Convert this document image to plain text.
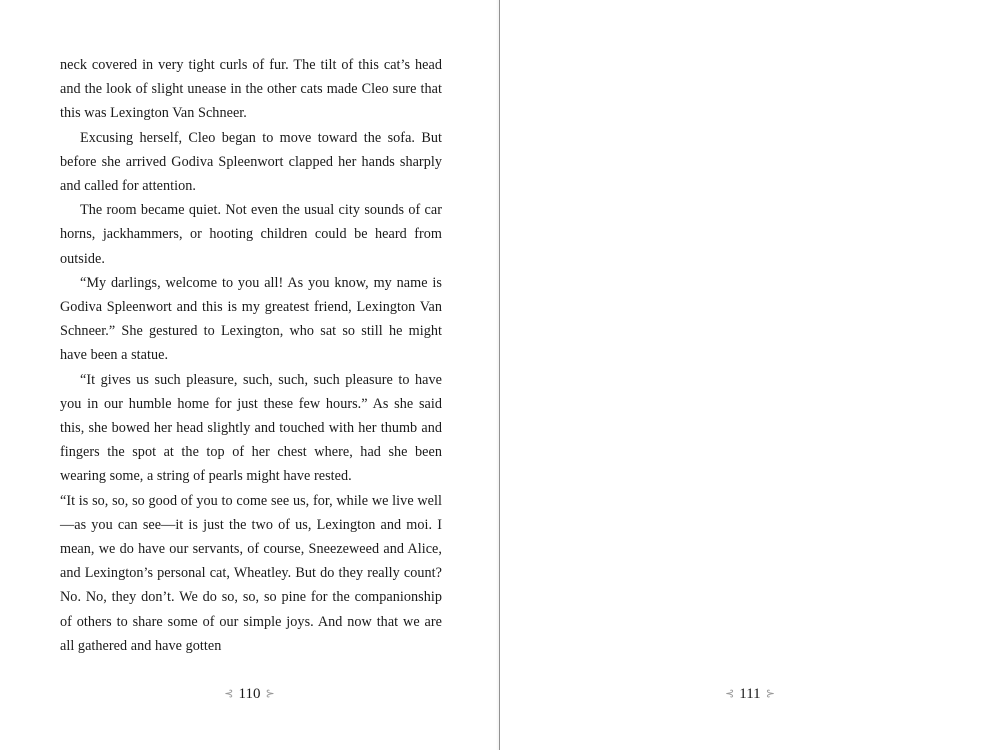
neck covered in very tight curls of fur. The tilt of this cat’s head and the look of slight unease in the other cats made Cleo sure that this was Lexington Van Schneer.

Excusing herself, Cleo began to move toward the sofa. But before she arrived Godiva Spleenwort clapped her hands sharply and called for attention.

The room became quiet. Not even the usual city sounds of car horns, jackhammers, or hooting children could be heard from outside.

“My darlings, welcome to you all! As you know, my name is Godiva Spleenwort and this is my greatest friend, Lexington Van Schneer.” She gestured to Lexington, who sat so still he might have been a statue.

“It gives us such pleasure, such, such, such pleasure to have you in our humble home for just these few hours.” As she said this, she bowed her head slightly and touched with her thumb and fingers the spot at the top of her chest where, had she been wearing some, a string of pearls might have rested.

“It is so, so, so good of you to come see us, for, while we live well—as you can see—it is just the two of us, Lexington and moi. I mean, we do have our servants, of course, Sneezeweed and Alice, and Lexington’s personal cat, Wheatley. But do they really count? No. No, they don’t. We do so, so, so pine for the companionship of others to share some of our simple joys. And now that we are all gathered and have gotten

⊰ 110 ⊱	⊰ 111 ⊱
